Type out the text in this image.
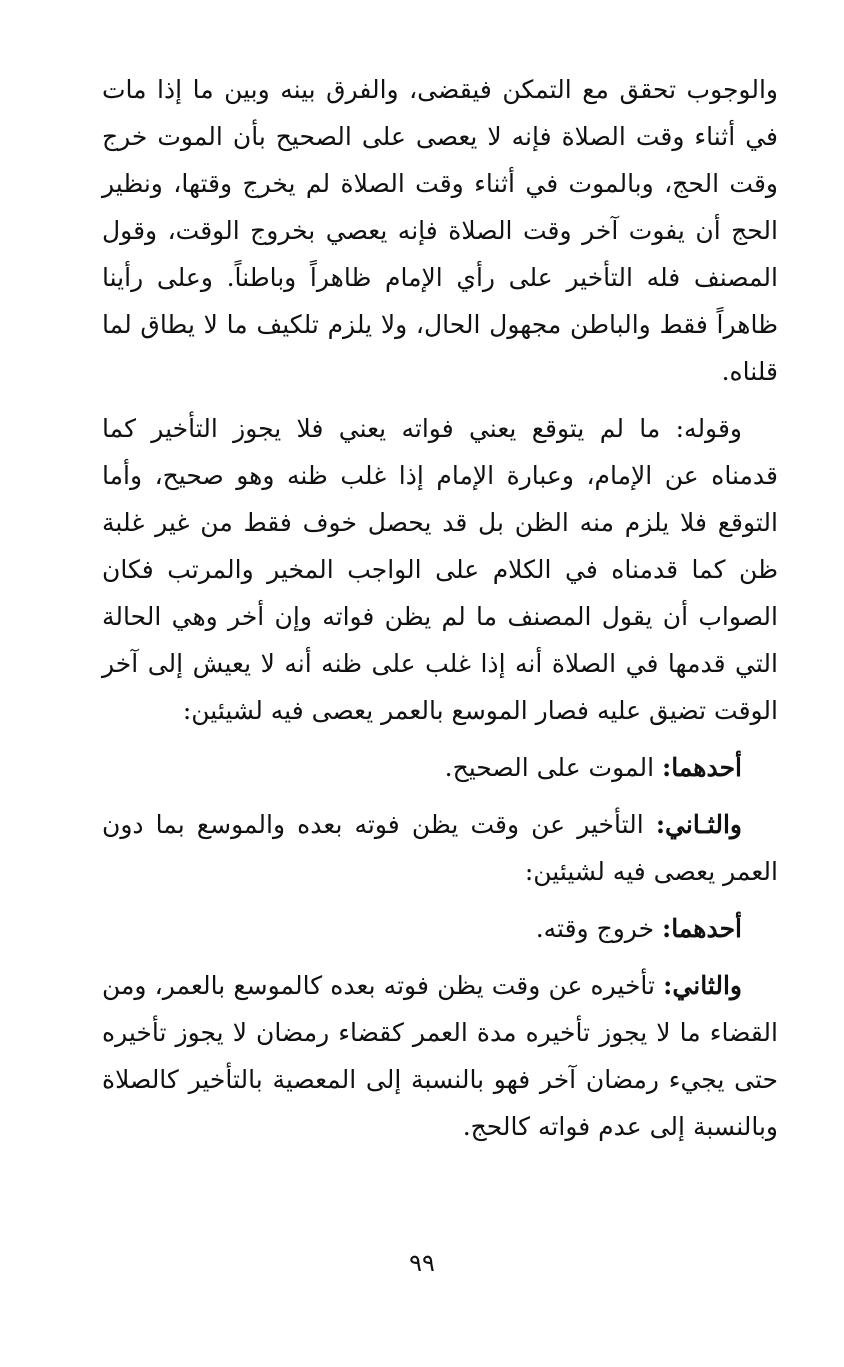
والوجوب تحقق مع التمكن فيقضى، والفرق بينه وبين ما إذا مات في أثناء وقت الصلاة فإنه لا يعصى على الصحيح بأن الموت خرج وقت الحج، وبالموت في أثناء وقت الصلاة لم يخرج وقتها، ونظير الحج أن يفوت آخر وقت الصلاة فإنه يعصي بخروج الوقت، وقول المصنف فله التأخير على رأي الإمام ظاهراً وباطناً. وعلى رأينا ظاهراً فقط والباطن مجهول الحال، ولا يلزم تلكيف ما لا يطاق لما قلناه.

وقوله: ما لم يتوقع يعني فواته يعني فلا يجوز التأخير كما قدمناه عن الإمام، وعبارة الإمام إذا غلب ظنه وهو صحيح، وأما التوقع فلا يلزم منه الظن بل قد يحصل خوف فقط من غير غلبة ظن كما قدمناه في الكلام على الواجب المخير والمرتب فكان الصواب أن يقول المصنف ما لم يظن فواته وإن أخر وهي الحالة التي قدمها في الصلاة أنه إذا غلب على ظنه أنه لا يعيش إلى آخر الوقت تضيق عليه فصار الموسع بالعمر يعصى فيه لشيئين:

أحدهما: الموت على الصحيح.

والثـاني: التأخير عن وقت يظن فوته بعده والموسع بما دون العمر يعصى فيه لشيئين:

أحدهما: خروج وقته.

والثاني: تأخيره عن وقت يظن فوته بعده كالموسع بالعمر، ومن القضاء ما لا يجوز تأخيره مدة العمر كقضاء رمضان لا يجوز تأخيره حتى يجيء رمضان آخر فهو بالنسبة إلى المعصية بالتأخير كالصلاة وبالنسبة إلى عدم فواته كالحج.

٩٩
